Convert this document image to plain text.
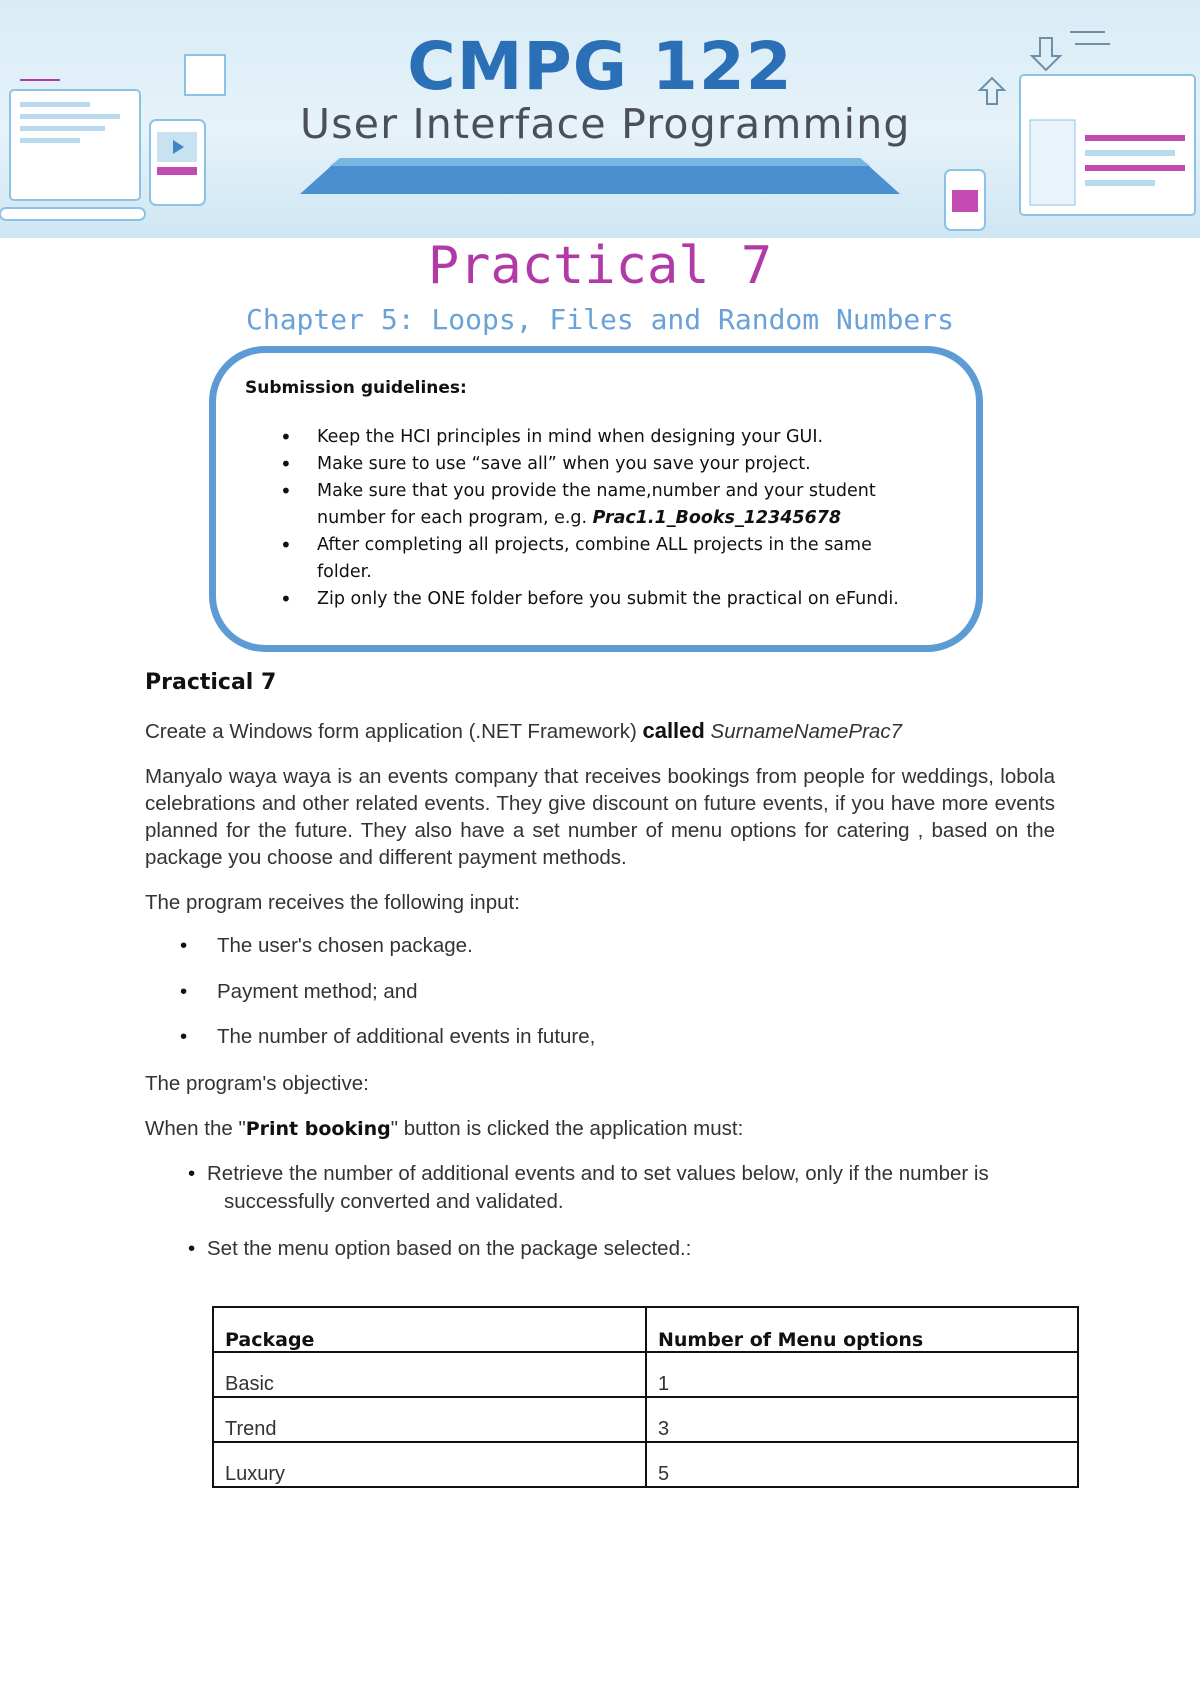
CMPG 122

User Interface Programming

Practical 7
Chapter 5: Loops, Files and Random Numbers

Submission guidelines:

• Keep the HCI principles in mind when designing your GUI.
• Make sure to use “save all” when you save your project.
• Make sure that you provide the name,number and your student number for each program, e.g. Prac1.1_Books_12345678
• After completing all projects, combine ALL projects in the same folder.
• Zip only the ONE folder before you submit the practical on eFundi.

Practical 7

Create a Windows form application (.NET Framework) called SurnameNamePrac7

Manyalo waya waya is an events company that receives bookings from people for weddings, lobola celebrations and other related events. They give discount on future events, if you have more events planned for the future. They also have a set number of menu options for catering , based on the package you choose and different payment methods.

The program receives the following input:

• The user's chosen package.
• Payment method; and
• The number of additional events in future,

The program's objective:

When the "Print booking" button is clicked the application must:

• Retrieve the number of additional events and to set values below, only if the number is
successfully converted and validated.
• Set the menu option based on the package selected.:
Package	Number of Menu options
Basic	1
Trend	3
Luxury	5
